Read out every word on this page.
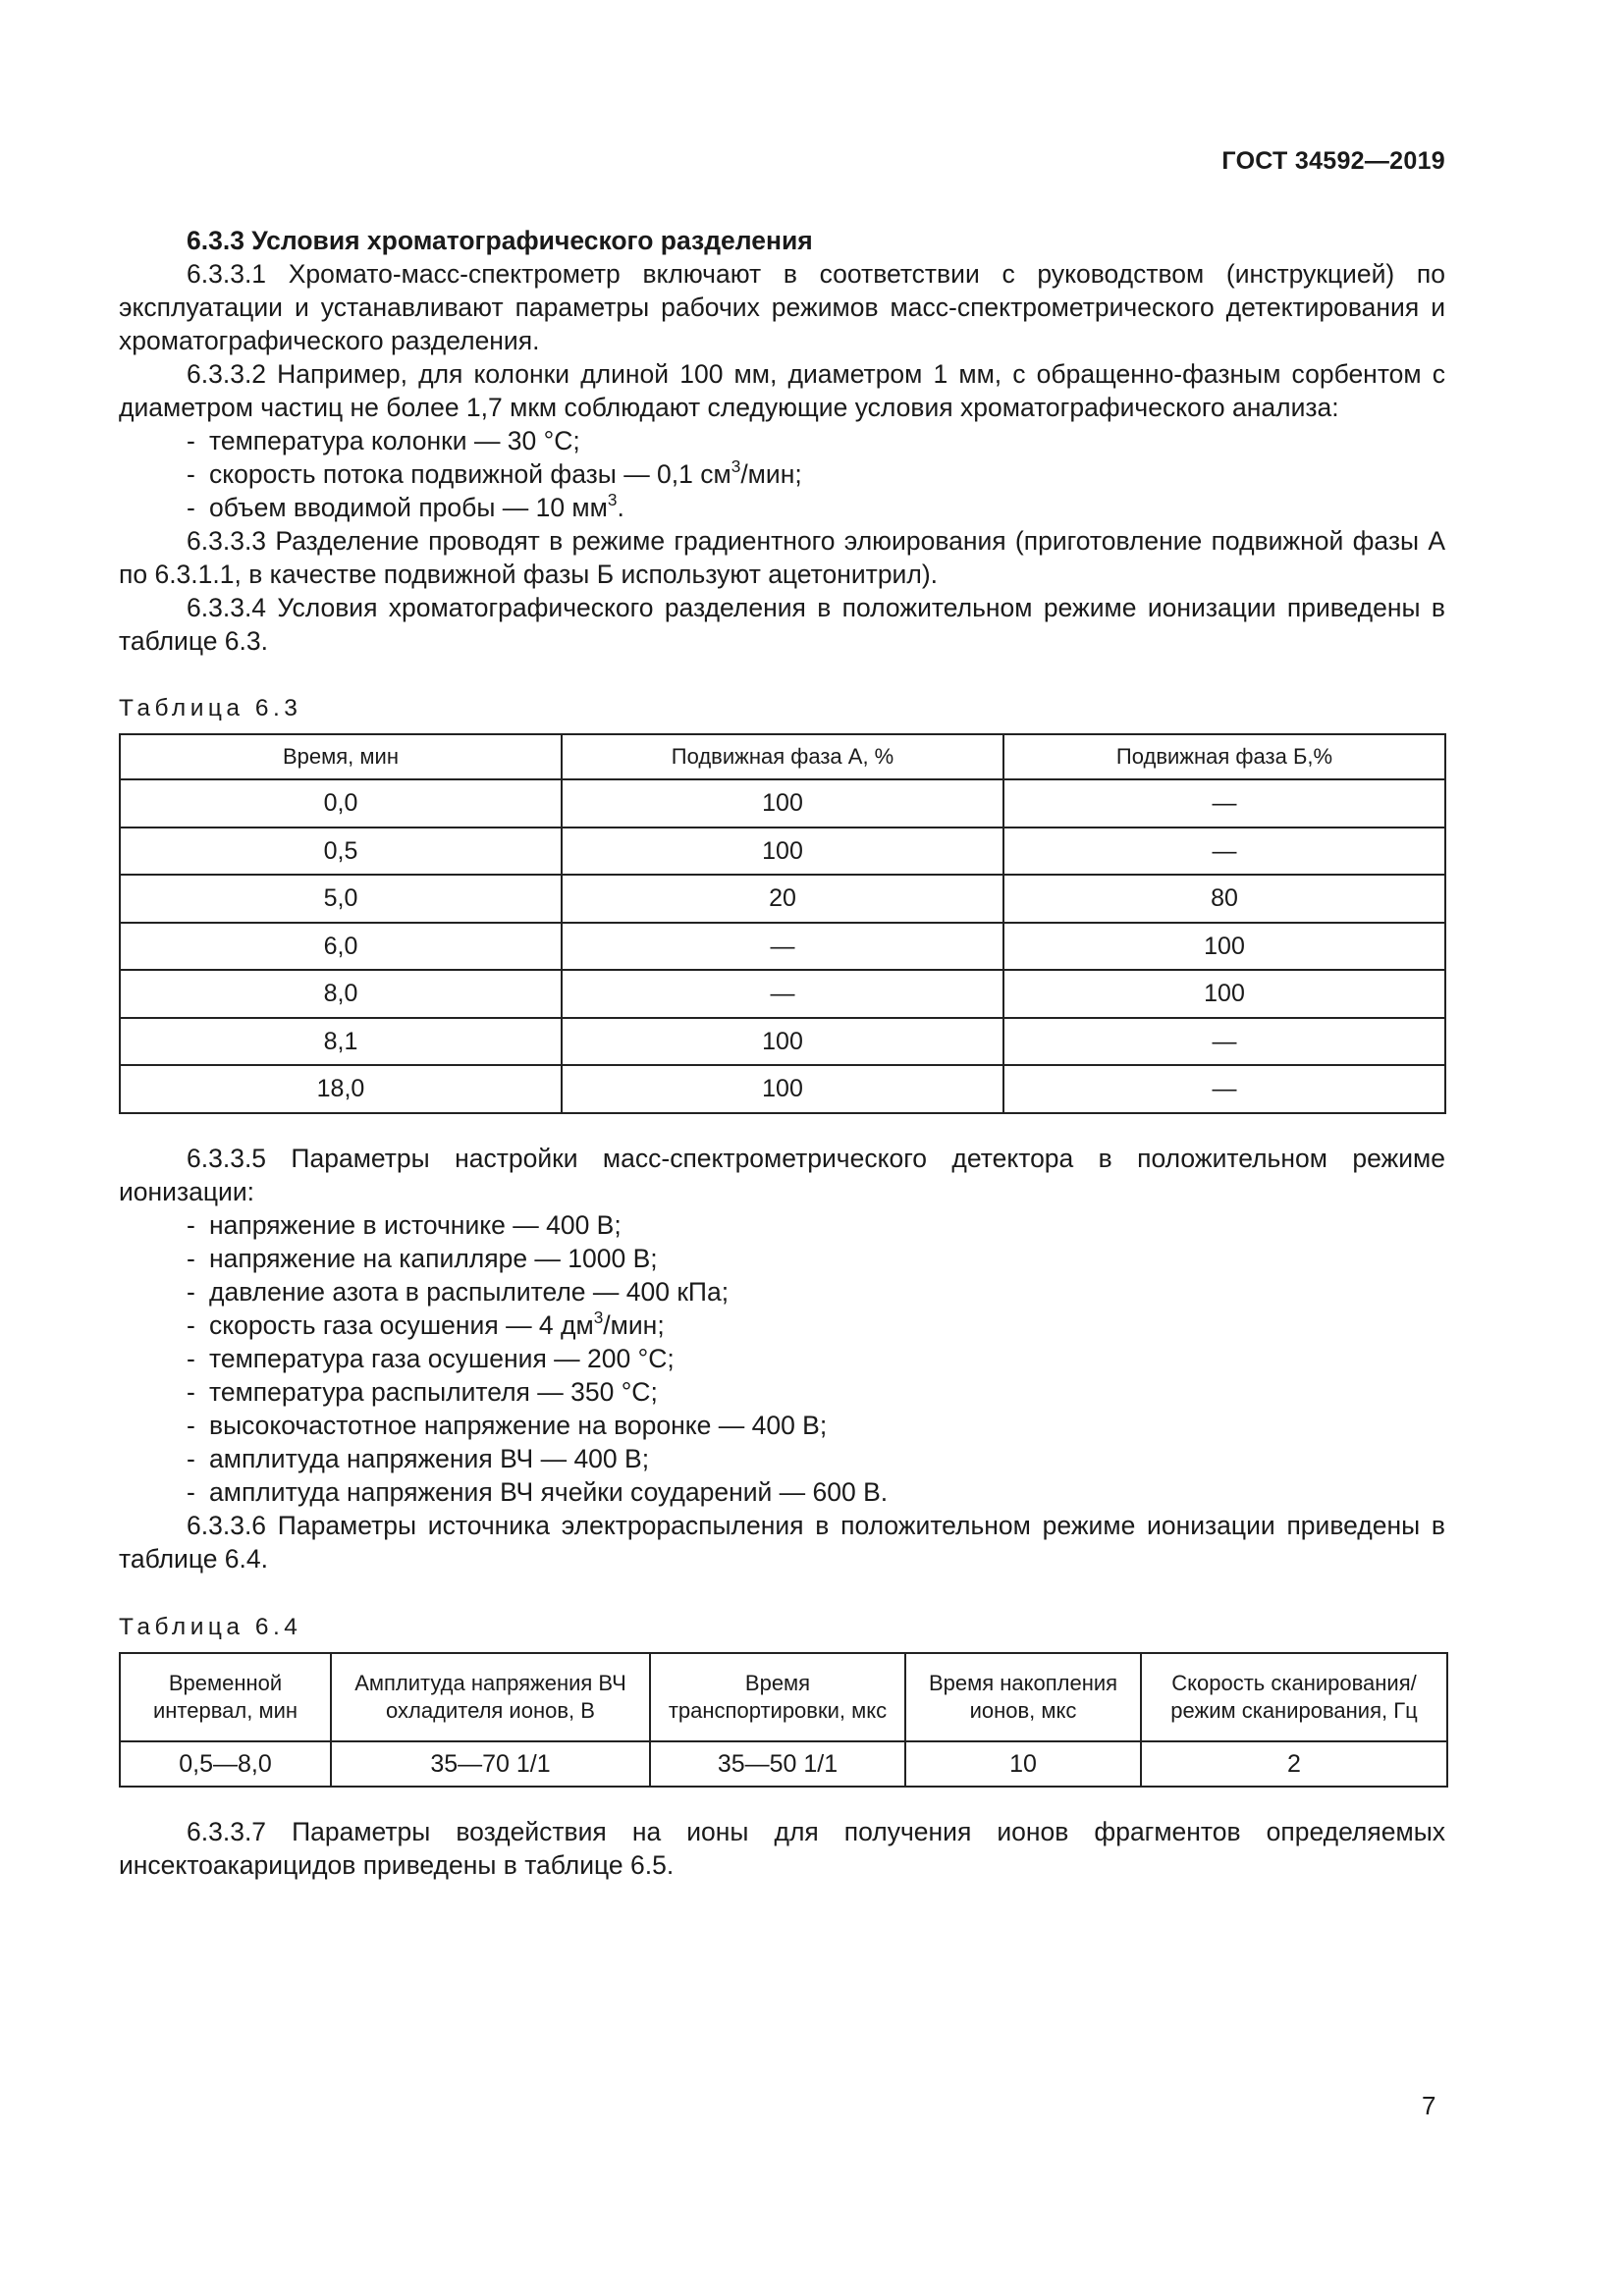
ГОСТ 34592—2019
6.3.3 Условия хроматографического разделения

6.3.3.1 Хромато-масс-спектрометр включают в соответствии с руководством (инструкцией) по эксплуатации и устанавливают параметры рабочих режимов масс-спектрометрического детектирования и хроматографического разделения.

6.3.3.2 Например, для колонки длиной 100 мм, диаметром 1 мм, с обращенно-фазным сорбентом с диаметром частиц не более 1,7 мкм соблюдают следующие условия хроматографического анализа:

- температура колонки — 30 °С;
- скорость потока подвижной фазы — 0,1 $см^3$/мин;
- объем вводимой пробы — 10 $мм^3$.

6.3.3.3 Разделение проводят в режиме градиентного элюирования (приготовление подвижной фазы А по 6.3.1.1, в качестве подвижной фазы Б используют ацетонитрил).

6.3.3.4 Условия хроматографического разделения в положительном режиме ионизации приведены в таблице 6.3.

Таблица 6.3
Время, мин	Подвижная фаза А, %	Подвижная фаза Б,%
0,0	100	—
0,5	100	—
5,0	20	80
6,0	—	100
8,0	—	100
8,1	100	—
18,0	100	—

6.3.3.5 Параметры настройки масс-спектрометрического детектора в положительном режиме ионизации:

- напряжение в источнике — 400 В;
- напряжение на капилляре — 1000 В;
- давление азота в распылителе — 400 кПа;
- скорость газа осушения — 4 $дм^3$/мин;
- температура газа осушения — 200 °С;
- температура распылителя — 350 °С;
- высокочастотное напряжение на воронке — 400 В;
- амплитуда напряжения ВЧ — 400 В;
- амплитуда напряжения ВЧ ячейки соударений — 600 В.

6.3.3.6 Параметры источника электрораспыления в положительном режиме ионизации приведены в таблице 6.4.

Таблица 6.4
Временной интервал, мин	Амплитуда напряжения ВЧ охладителя ионов, В	Время транспортировки, мкс	Время накопления ионов, мкс	Скорость сканирования/ режим сканирования, Гц
0,5—8,0	35—70 1/1	35—50 1/1	10	2

6.3.3.7 Параметры воздействия на ионы для получения ионов фрагментов определяемых инсектоакарицидов приведены в таблице 6.5.

7
